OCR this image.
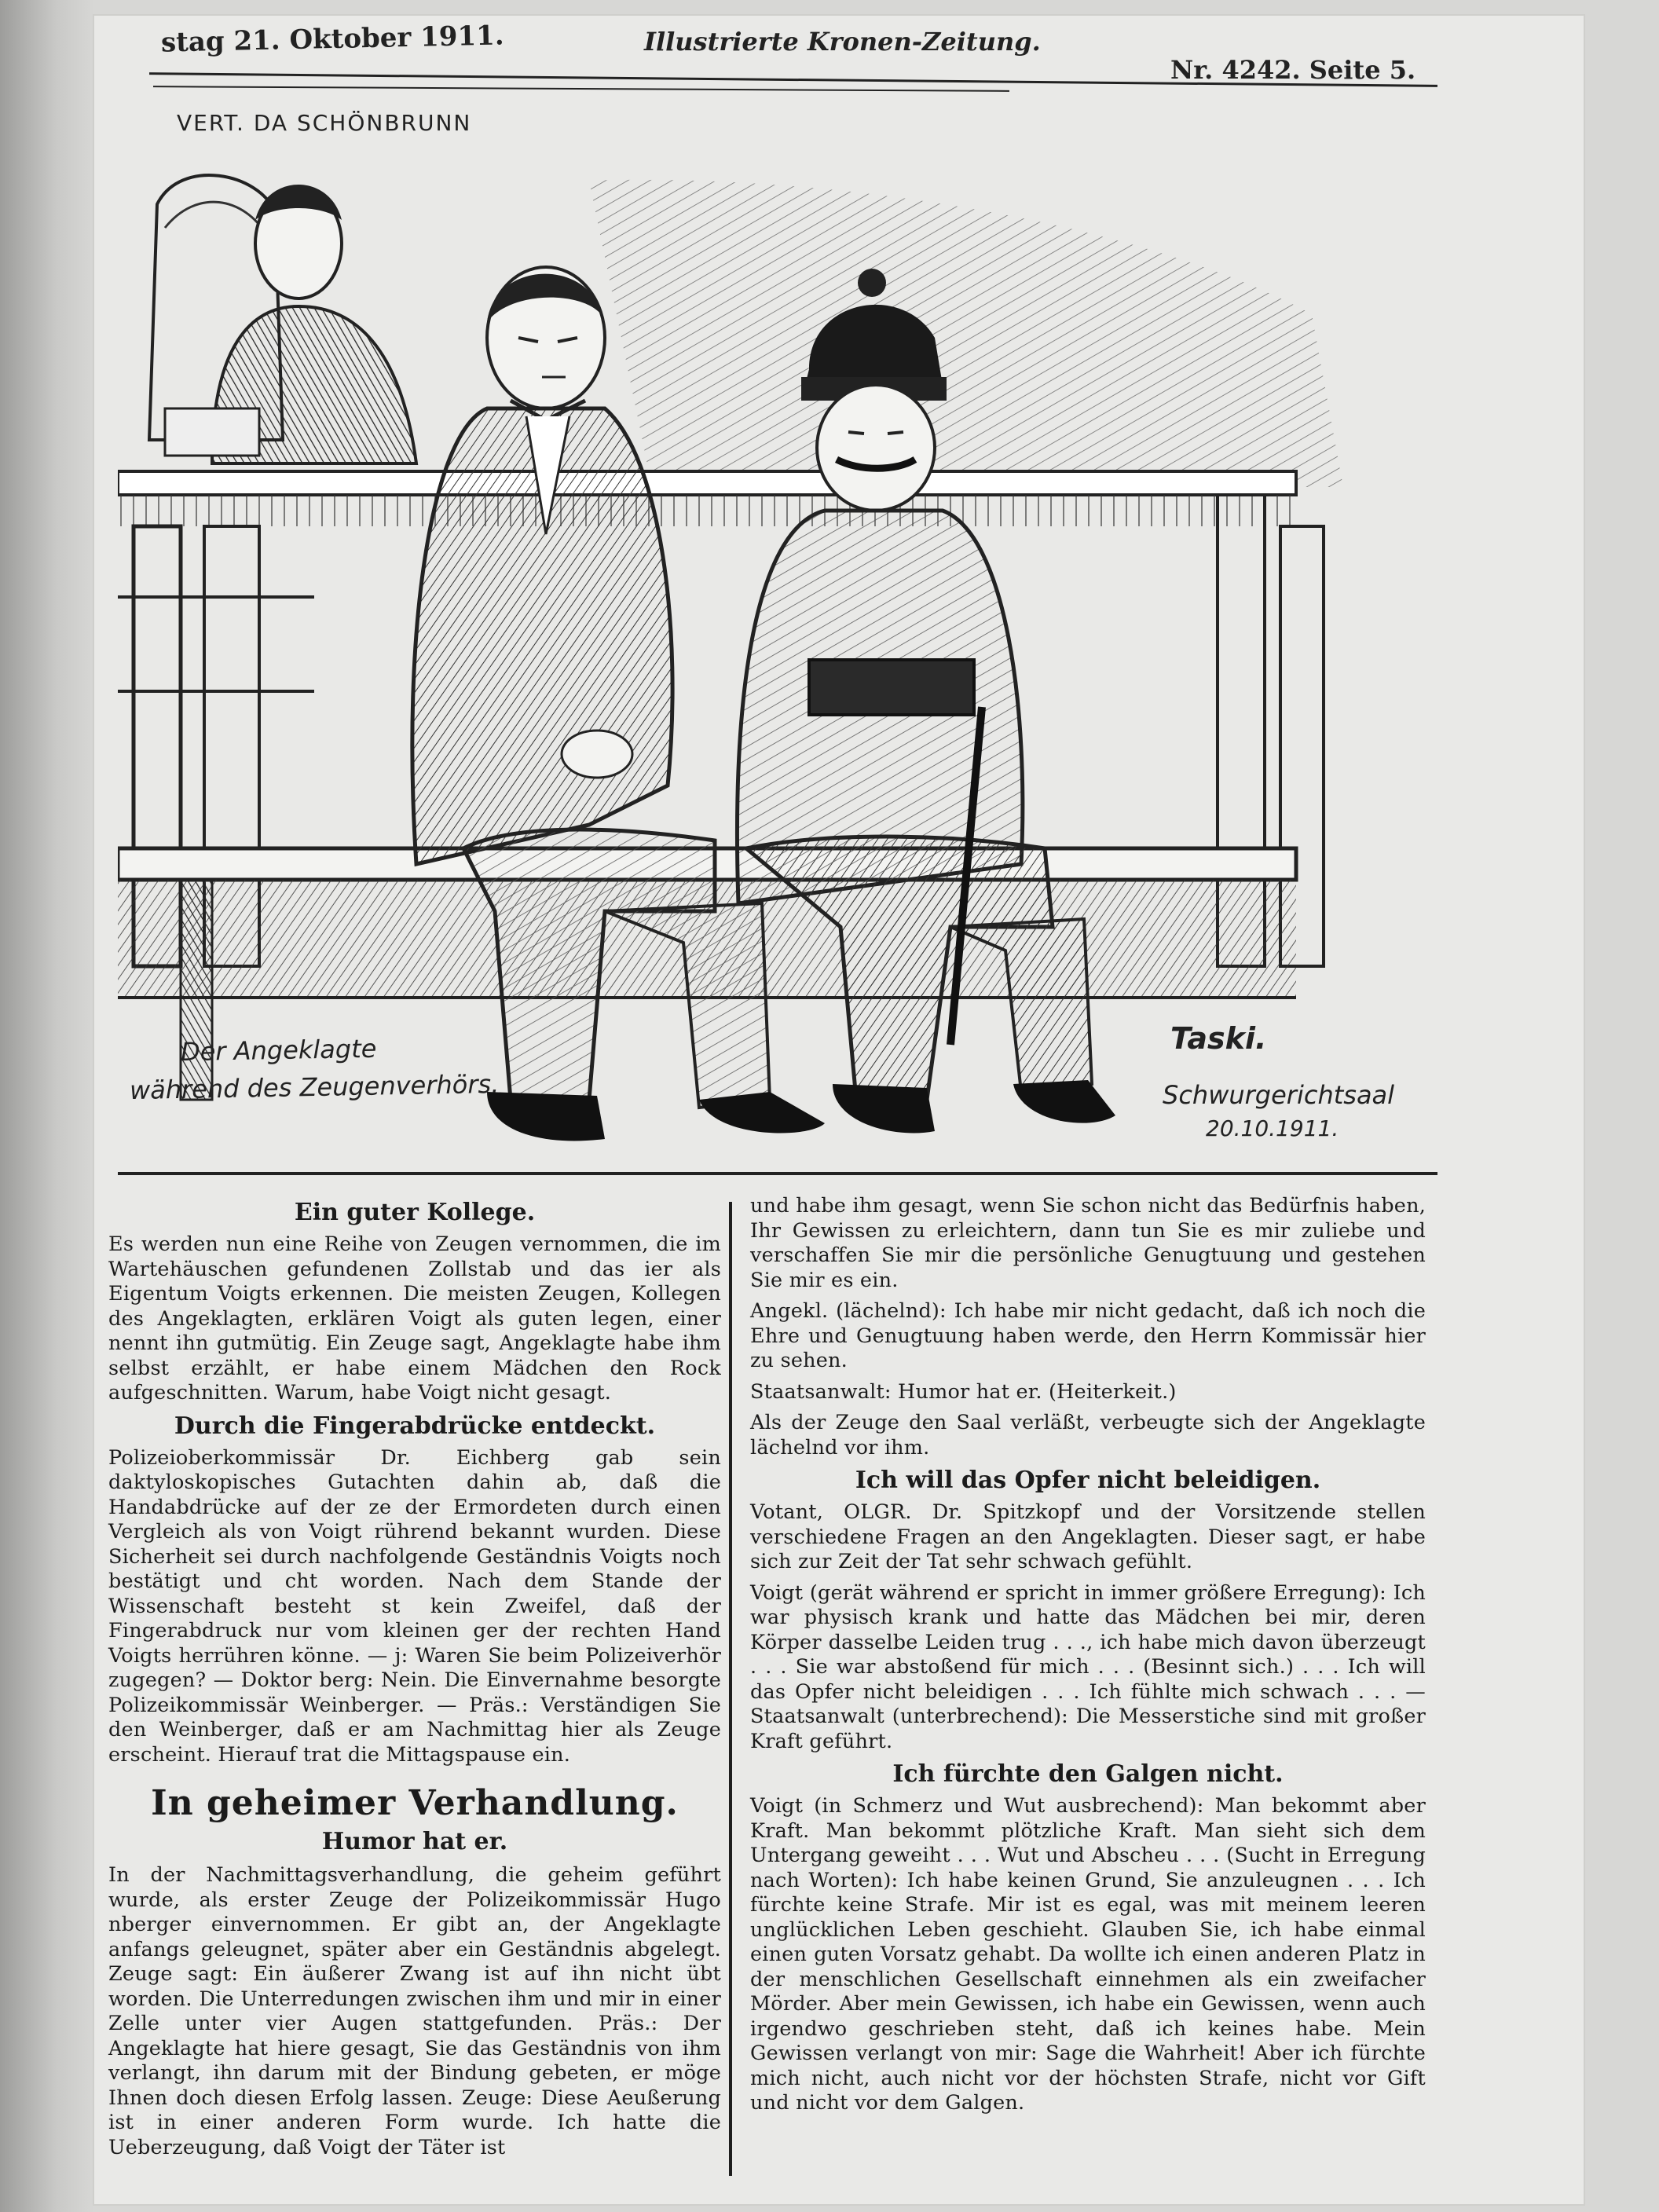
stag 21. Oktober 1911.	Illustrierte Kronen-Zeitung.
Nr. 4242. Seite 5.
VERT. DA SCHÖNBRUNN
Der Angeklagte
während des Zeugenverhörs.
Taski.
Schwurgerichtsaal
20.10.1911.
Ein guter Kollege.

Es werden nun eine Reihe von Zeugen vernommen, die im Wartehäuschen gefundenen Zollstab und das ier als Eigentum Voigts erkennen. Die meisten Zeugen, Kollegen des Angeklagten, erklären Voigt als guten legen, einer nennt ihn gutmütig. Ein Zeuge sagt, Angeklagte habe ihm selbst erzählt, er habe einem Mädchen den Rock aufgeschnitten. Warum, habe Voigt nicht gesagt.

Durch die Fingerabdrücke entdeckt.

Polizeioberkommissär Dr. Eichberg gab sein daktyloskopisches Gutachten dahin ab, daß die Handabdrücke auf der ze der Ermordeten durch einen Vergleich als von Voigt rührend bekannt wurden. Diese Sicherheit sei durch nachfolgende Geständnis Voigts noch bestätigt und cht worden. Nach dem Stande der Wissenschaft besteht st kein Zweifel, daß der Fingerabdruck nur vom kleinen ger der rechten Hand Voigts herrühren könne. — j: Waren Sie beim Polizeiverhör zugegen? — Doktor berg: Nein. Die Einvernahme besorgte Polizeikommissär Weinberger. — Präs.: Verständigen Sie den Weinberger, daß er am Nachmittag hier als Zeuge erscheint. Hierauf trat die Mittagspause ein.

In geheimer Verhandlung.
Humor hat er.

In der Nachmittagsverhandlung, die geheim geführt wurde, als erster Zeuge der Polizeikommissär Hugo nberger einvernommen. Er gibt an, der Angeklagte anfangs geleugnet, später aber ein Geständnis abgelegt. Zeuge sagt: Ein äußerer Zwang ist auf ihn nicht übt worden. Die Unterredungen zwischen ihm und mir in einer Zelle unter vier Augen stattgefunden. Präs.: Der Angeklagte hat hiere gesagt, Sie das Geständnis von ihm verlangt, ihn darum mit der Bindung gebeten, er möge Ihnen doch diesen Erfolg lassen. Zeuge: Diese Aeußerung ist in einer anderen Form wurde. Ich hatte die Ueberzeugung, daß Voigt der Täter ist

und habe ihm gesagt, wenn Sie schon nicht das Bedürfnis haben, Ihr Gewissen zu erleichtern, dann tun Sie es mir zuliebe und verschaffen Sie mir die persönliche Genugtuung und gestehen Sie mir es ein.

Angekl. (lächelnd): Ich habe mir nicht gedacht, daß ich noch die Ehre und Genugtuung haben werde, den Herrn Kommissär hier zu sehen.

Staatsanwalt: Humor hat er. (Heiterkeit.)

Als der Zeuge den Saal verläßt, verbeugte sich der Angeklagte lächelnd vor ihm.

Ich will das Opfer nicht beleidigen.

Votant, OLGR. Dr. Spitzkopf und der Vorsitzende stellen verschiedene Fragen an den Angeklagten. Dieser sagt, er habe sich zur Zeit der Tat sehr schwach gefühlt.

Voigt (gerät während er spricht in immer größere Erregung): Ich war physisch krank und hatte das Mädchen bei mir, deren Körper dasselbe Leiden trug . . ., ich habe mich davon überzeugt . . . Sie war abstoßend für mich . . . (Besinnt sich.) . . . Ich will das Opfer nicht beleidigen . . . Ich fühlte mich schwach . . . — Staatsanwalt (unterbrechend): Die Messerstiche sind mit großer Kraft geführt.

Ich fürchte den Galgen nicht.

Voigt (in Schmerz und Wut ausbrechend): Man bekommt aber Kraft. Man bekommt plötzliche Kraft. Man sieht sich dem Untergang geweiht . . . Wut und Abscheu . . . (Sucht in Erregung nach Worten): Ich habe keinen Grund, Sie anzuleugnen . . . Ich fürchte keine Strafe. Mir ist es egal, was mit meinem leeren unglücklichen Leben geschieht. Glauben Sie, ich habe einmal einen guten Vorsatz gehabt. Da wollte ich einen anderen Platz in der menschlichen Gesellschaft einnehmen als ein zweifacher Mörder. Aber mein Gewissen, ich habe ein Gewissen, wenn auch irgendwo geschrieben steht, daß ich keines habe. Mein Gewissen verlangt von mir: Sage die Wahrheit! Aber ich fürchte mich nicht, auch nicht vor der höchsten Strafe, nicht vor Gift und nicht vor dem Galgen.
